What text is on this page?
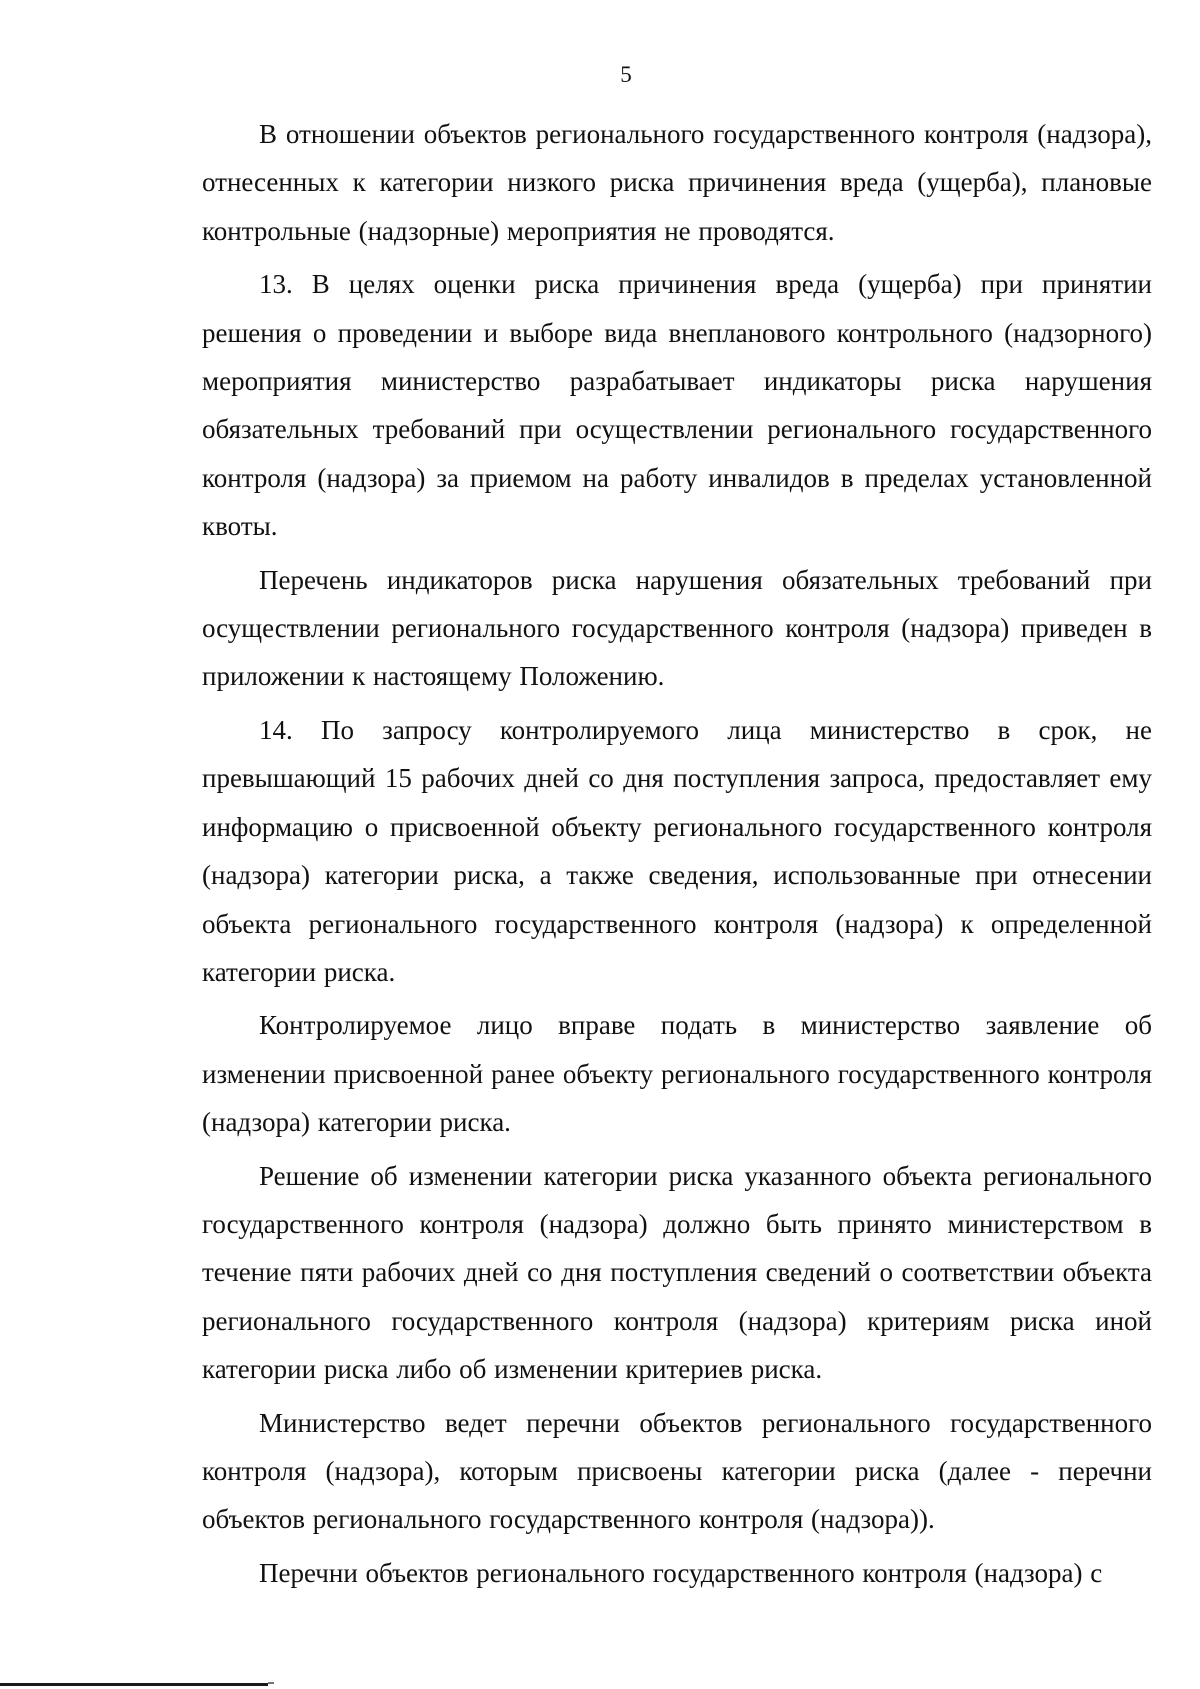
5

В отношении объектов регионального государственного контроля (надзора), отнесенных к категории низкого риска причинения вреда (ущерба), плановые контрольные (надзорные) мероприятия не проводятся.

13. В целях оценки риска причинения вреда (ущерба) при принятии решения о проведении и выборе вида внепланового контрольного (надзорного) мероприятия министерство разрабатывает индикаторы риска нарушения обязательных требований при осуществлении регионального государственного контроля (надзора) за приемом на работу инвалидов в пределах установленной квоты.

Перечень индикаторов риска нарушения обязательных требований при осуществлении регионального государственного контроля (надзора) приведен в приложении к настоящему Положению.

14. По запросу контролируемого лица министерство в срок, не превышающий 15 рабочих дней со дня поступления запроса, предоставляет ему информацию о присвоенной объекту регионального государственного контроля (надзора) категории риска, а также сведения, использованные при отнесении объекта регионального государственного контроля (надзора) к определенной категории риска.

Контролируемое лицо вправе подать в министерство заявление об изменении присвоенной ранее объекту регионального государственного контроля (надзора) категории риска.

Решение об изменении категории риска указанного объекта регионального государственного контроля (надзора) должно быть принято министерством в течение пяти рабочих дней со дня поступления сведений о соответствии объекта регионального государственного контроля (надзора) критериям риска иной категории риска либо об изменении критериев риска.

Министерство ведет перечни объектов регионального государственного контроля (надзора), которым присвоены категории риска (далее - перечни объектов регионального государственного контроля (надзора)).

Перечни объектов регионального государственного контроля (надзора) с
